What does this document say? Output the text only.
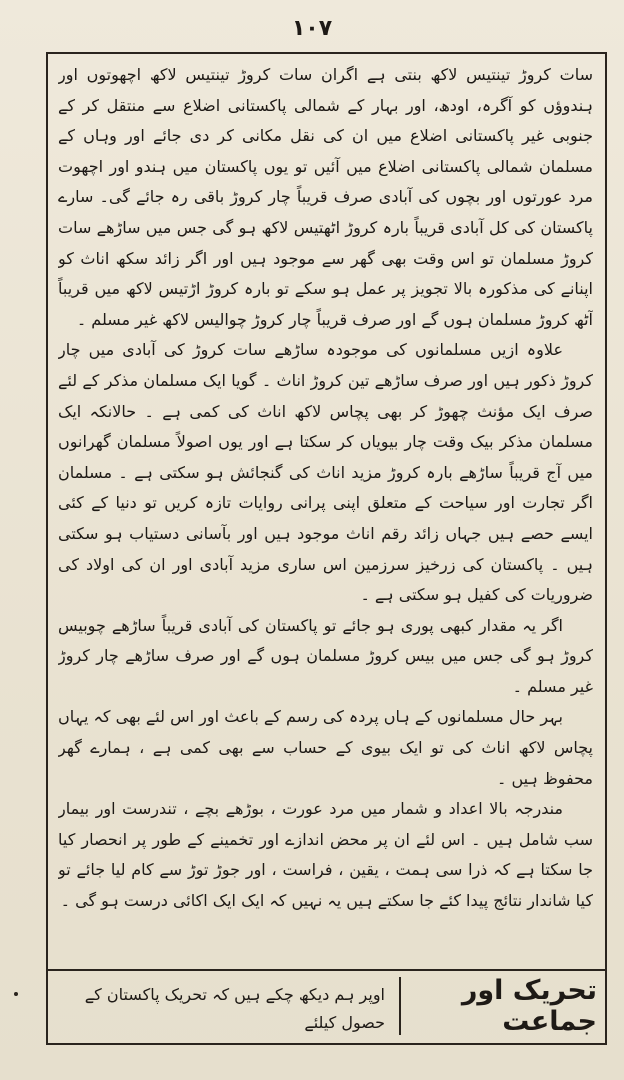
۱۰۷

سات کروڑ تینتیس لاکھ بنتی ہے اگران سات کروڑ تینتیس لاکھ اچھوتوں اور ہندوؤں کو آگرہ، اودھ، اور بہار کے شمالی پاکستانی اضلاع سے منتقل کر کے جنوبی غیر پاکستانی اضلاع میں ان کی نقل مکانی کر دی جائے اور وہاں کے مسلمان شمالی پاکستانی اضلاع میں آئیں تو یوں پاکستان میں ہندو اور اچھوت مرد عورتوں اور بچوں کی آبادی صرف قریباً چار کروڑ باقی رہ جائے گی۔ سارے پاکستان کی کل آبادی قریباً بارہ کروڑ اٹھتیس لاکھ ہو گی جس میں ساڑھے سات کروڑ مسلمان تو اس وقت بھی گھر سے موجود ہیں اور اگر زائد سکھ اناث کو اپنانے کی مذکورہ بالا تجویز پر عمل ہو سکے تو بارہ کروڑ اڑتیس لاکھ میں قریباً آٹھ کروڑ مسلمان ہوں گے اور صرف قریباً چار کروڑ چوالیس لاکھ غیر مسلم ۔

علاوہ ازیں مسلمانوں کی موجودہ ساڑھے سات کروڑ کی آبادی میں چار کروڑ ذکور ہیں اور صرف ساڑھے تین کروڑ اناث ۔ گویا ایک مسلمان مذکر کے لئے صرف ایک مؤنث چھوڑ کر بھی پچاس لاکھ اناث کی کمی ہے ۔ حالانکہ ایک مسلمان مذکر بیک وقت چار بیویاں کر سکتا ہے اور یوں اصولاً مسلمان گھرانوں میں آج قریباً ساڑھے بارہ کروڑ مزید اناث کی گنجائش ہو سکتی ہے ۔ مسلمان اگر تجارت اور سیاحت کے متعلق اپنی پرانی روایات تازہ کریں تو دنیا کے کئی ایسے حصے ہیں جہاں زائد رقم اناث موجود ہیں اور بآسانی دستیاب ہو سکتی ہیں ۔ پاکستان کی زرخیز سرزمین اس ساری مزید آبادی اور ان کی اولاد کی ضروریات کی کفیل ہو سکتی ہے ۔

اگر یہ مقدار کبھی پوری ہو جائے تو پاکستان کی آبادی قریباً ساڑھے چوبیس کروڑ ہو گی جس میں بیس کروڑ مسلمان ہوں گے اور صرف ساڑھے چار کروڑ غیر مسلم ۔

بہر حال مسلمانوں کے ہاں پردہ کی رسم کے باعث اور اس لئے بھی کہ یہاں پچاس لاکھ اناث کی تو ایک بیوی کے حساب سے بھی کمی ہے ، ہمارے گھر محفوظ ہیں ۔

مندرجہ بالا اعداد و شمار میں مرد عورت ، بوڑھے بچے ، تندرست اور بیمار سب شامل ہیں ۔ اس لئے ان پر محض اندازے اور تخمینے کے طور پر انحصار کیا جا سکتا ہے کہ ذرا سی ہمت ، یقین ، فراست ، اور جوڑ توڑ سے کام لیا جائے تو کیا شاندار نتائج پیدا کئے جا سکتے ہیں یہ نہیں کہ ایک ایک اکائی درست ہو گی ۔

تحریک اور جماعت
اوپر ہم دیکھ چکے ہیں کہ تحریک پاکستان کے حصول کیلئے
